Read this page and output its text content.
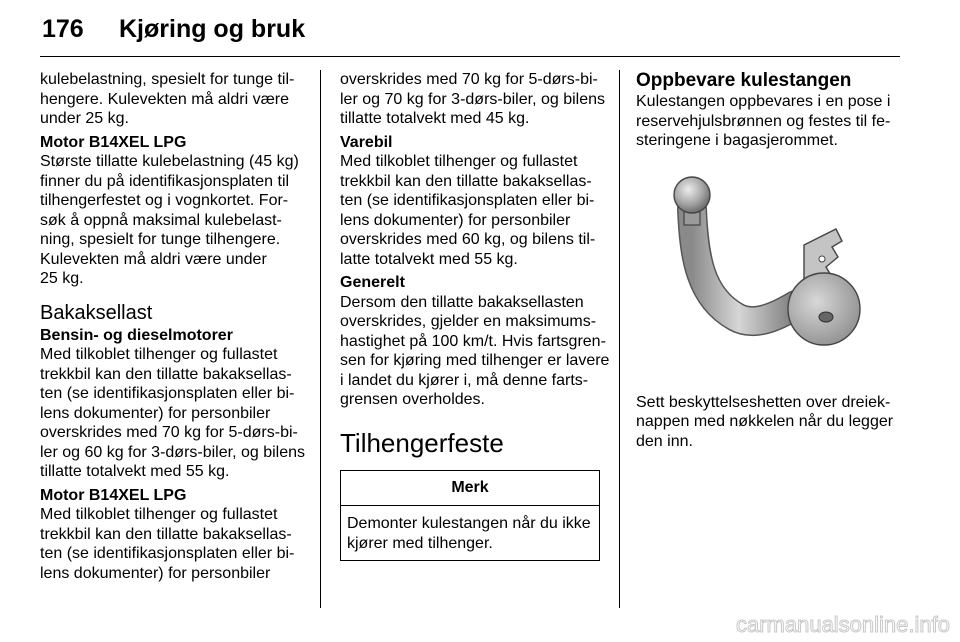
176 Kjøring og bruk
kulebelastning, spesielt for tunge til-
hengere. Kulevekten må aldri være
under 25 kg.
Motor B14XEL LPG
Største tillatte kulebelastning (45 kg)
finner du på identifikasjonsplaten til
tilhengerfestet og i vognkortet. For-
søk å oppnå maksimal kulebelast-
ning, spesielt for tunge tilhengere.
Kulevekten må aldri være under
25 kg.
Bakaksellast
Bensin- og dieselmotorer
Med tilkoblet tilhenger og fullastet
trekkbil kan den tillatte bakaksellas-
ten (se identifikasjonsplaten eller bi-
lens dokumenter) for personbiler
overskrides med 70 kg for 5-dørs-bi-
ler og 60 kg for 3-dørs-biler, og bilens
tillatte totalvekt med 55 kg.
Motor B14XEL LPG
Med tilkoblet tilhenger og fullastet
trekkbil kan den tillatte bakaksellas-
ten (se identifikasjonsplaten eller bi-
lens dokumenter) for personbiler
overskrides med 70 kg for 5-dørs-bi-
ler og 70 kg for 3-dørs-biler, og bilens
tillatte totalvekt med 45 kg.
Varebil
Med tilkoblet tilhenger og fullastet
trekkbil kan den tillatte bakaksellas-
ten (se identifikasjonsplaten eller bi-
lens dokumenter) for personbiler
overskrides med 60 kg, og bilens til-
latte totalvekt med 55 kg.
Generelt
Dersom den tillatte bakaksellasten
overskrides, gjelder en maksimums-
hastighet på 100 km/t. Hvis fartsgren-
sen for kjøring med tilhenger er lavere
i landet du kjører i, må denne farts-
grensen overholdes.
Tilhengerfeste
Merk
Demonter kulestangen når du ikke
kjører med tilhenger.
Oppbevare kulestangen
Kulestangen oppbevares i en pose i
reservehjulsbrønnen og festes til fe-
steringene i bagasjerommet.
Sett beskyttelseshetten over dreiek-
nappen med nøkkelen når du legger
den inn.
carmanualsonline.info
